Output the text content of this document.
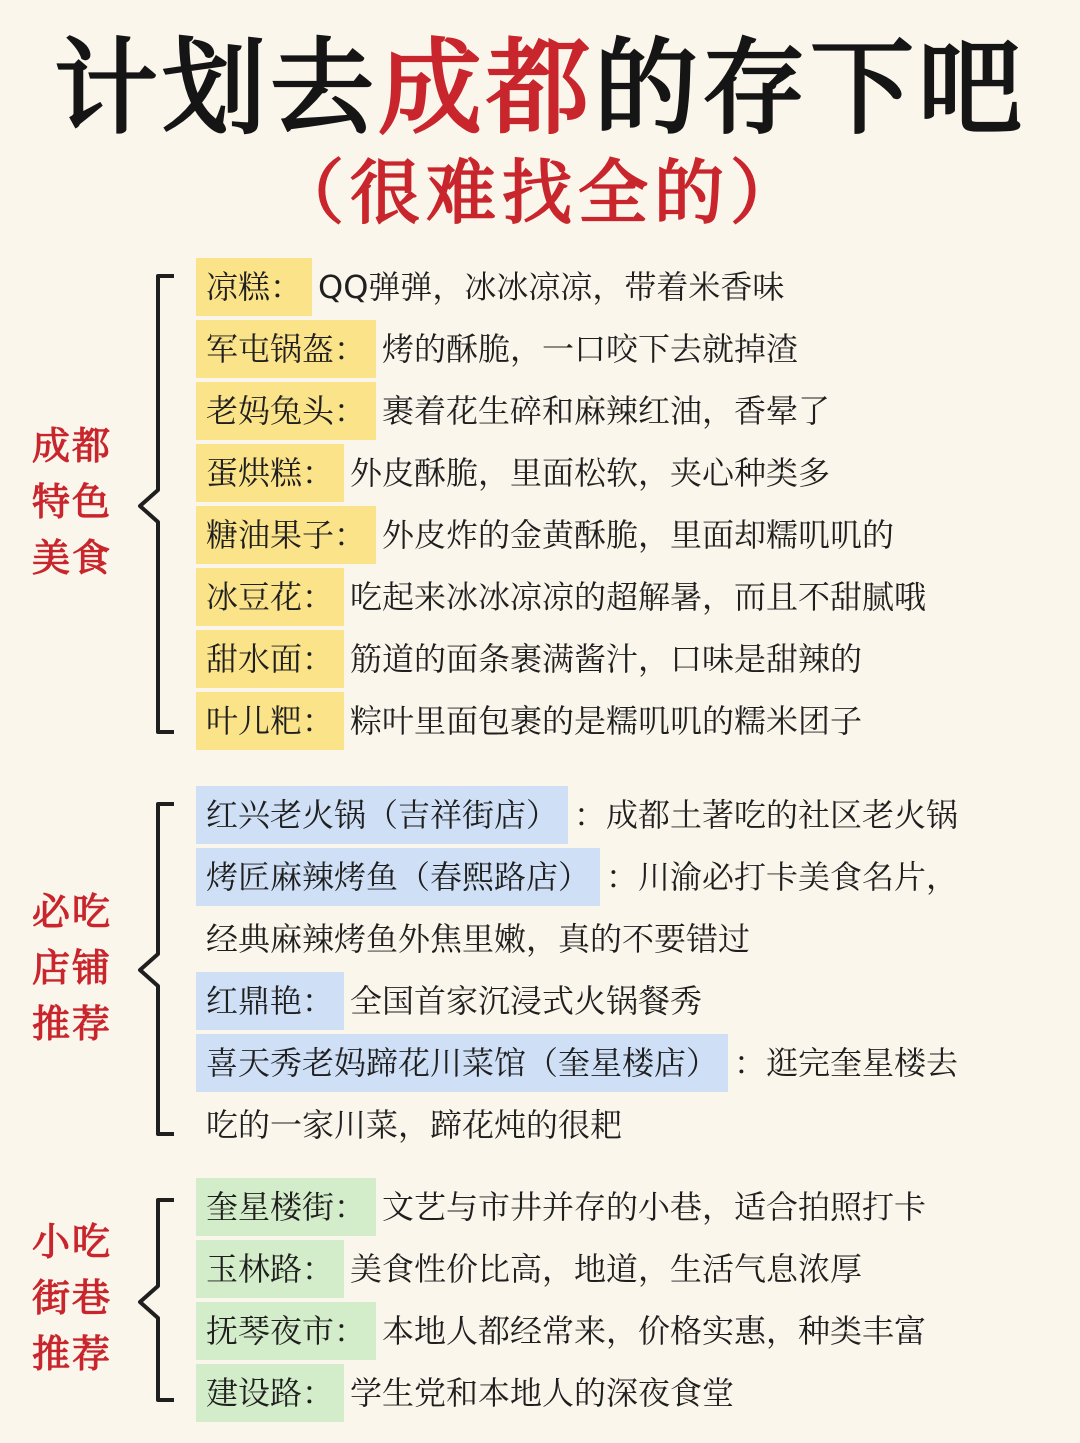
计划去成都的存下吧
（很难找全的）
成都
特色
美食
凉糕： QQ弹弹，冰冰凉凉，带着米香味
军屯锅盔： 烤的酥脆，一口咬下去就掉渣
老妈兔头： 裹着花生碎和麻辣红油，香晕了
蛋烘糕： 外皮酥脆，里面松软，夹心种类多
糖油果子： 外皮炸的金黄酥脆，里面却糯叽叽的
冰豆花： 吃起来冰冰凉凉的超解暑，而且不甜腻哦
甜水面： 筋道的面条裹满酱汁，口味是甜辣的
叶儿粑： 粽叶里面包裹的是糯叽叽的糯米团子
必吃
店铺
推荐
红兴老火锅（吉祥街店） ：成都土著吃的社区老火锅
烤匠麻辣烤鱼（春熙路店） ：川渝必打卡美食名片，
经典麻辣烤鱼外焦里嫩，真的不要错过
红鼎艳： 全国首家沉浸式火锅餐秀
喜天秀老妈蹄花川菜馆（奎星楼店） ：逛完奎星楼去
吃的一家川菜，蹄花炖的很耙
小吃
街巷
推荐
奎星楼街： 文艺与市井并存的小巷，适合拍照打卡
玉林路： 美食性价比高，地道，生活气息浓厚
抚琴夜市： 本地人都经常来，价格实惠，种类丰富
建设路： 学生党和本地人的深夜食堂
